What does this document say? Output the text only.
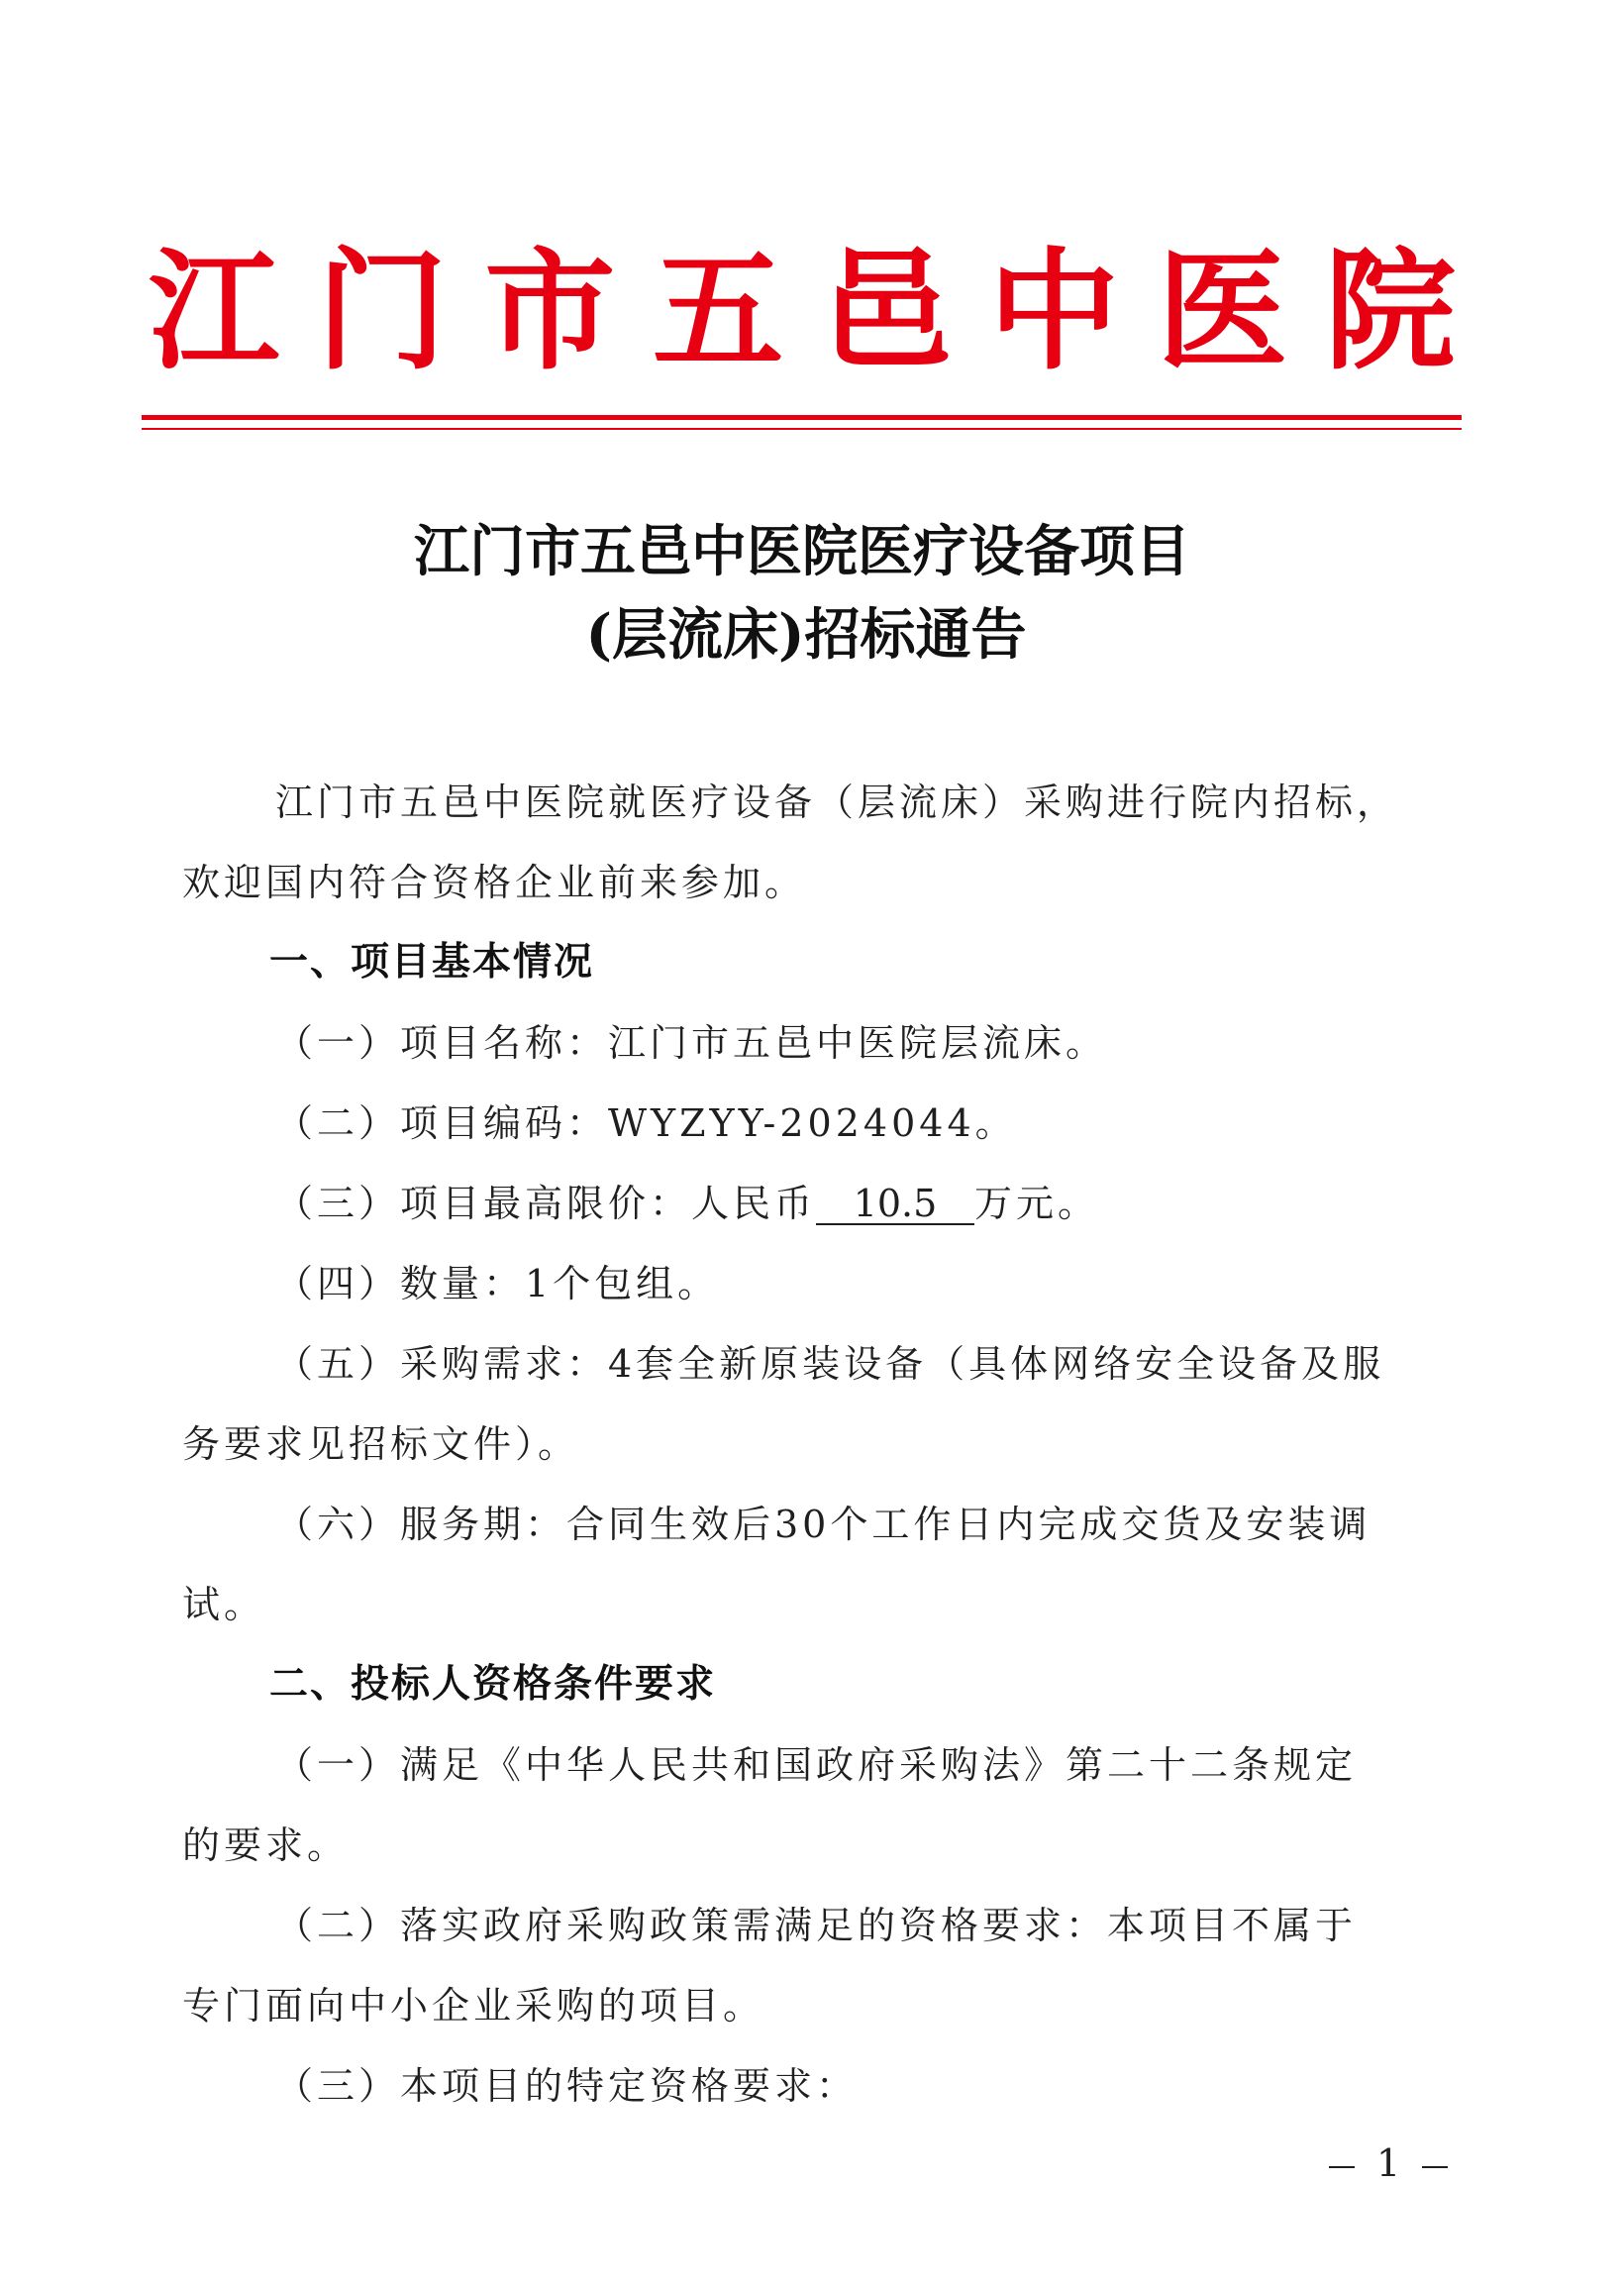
江 门 市 五 邑 中 医 院
江门市五邑中医院医疗设备项目
(层流床)招标通告
江门市五邑中医院就医疗设备（层流床）采购进行院内招标，
欢迎国内符合资格企业前来参加。
一、项目基本情况
（一）项目名称：江门市五邑中医院层流床。
（二）项目编码：WYZYY-2024044。
（三）项目最高限价：人民币 10.5 万元。
（四）数量：1个包组。
（五）采购需求：4套全新原装设备（具体网络安全设备及服
务要求见招标文件）。
（六）服务期：合同生效后30个工作日内完成交货及安装调
试。
二、投标人资格条件要求
（一）满足《中华人民共和国政府采购法》第二十二条规定
的要求。
（二）落实政府采购政策需满足的资格要求：本项目不属于
专门面向中小企业采购的项目。
（三）本项目的特定资格要求：
1
